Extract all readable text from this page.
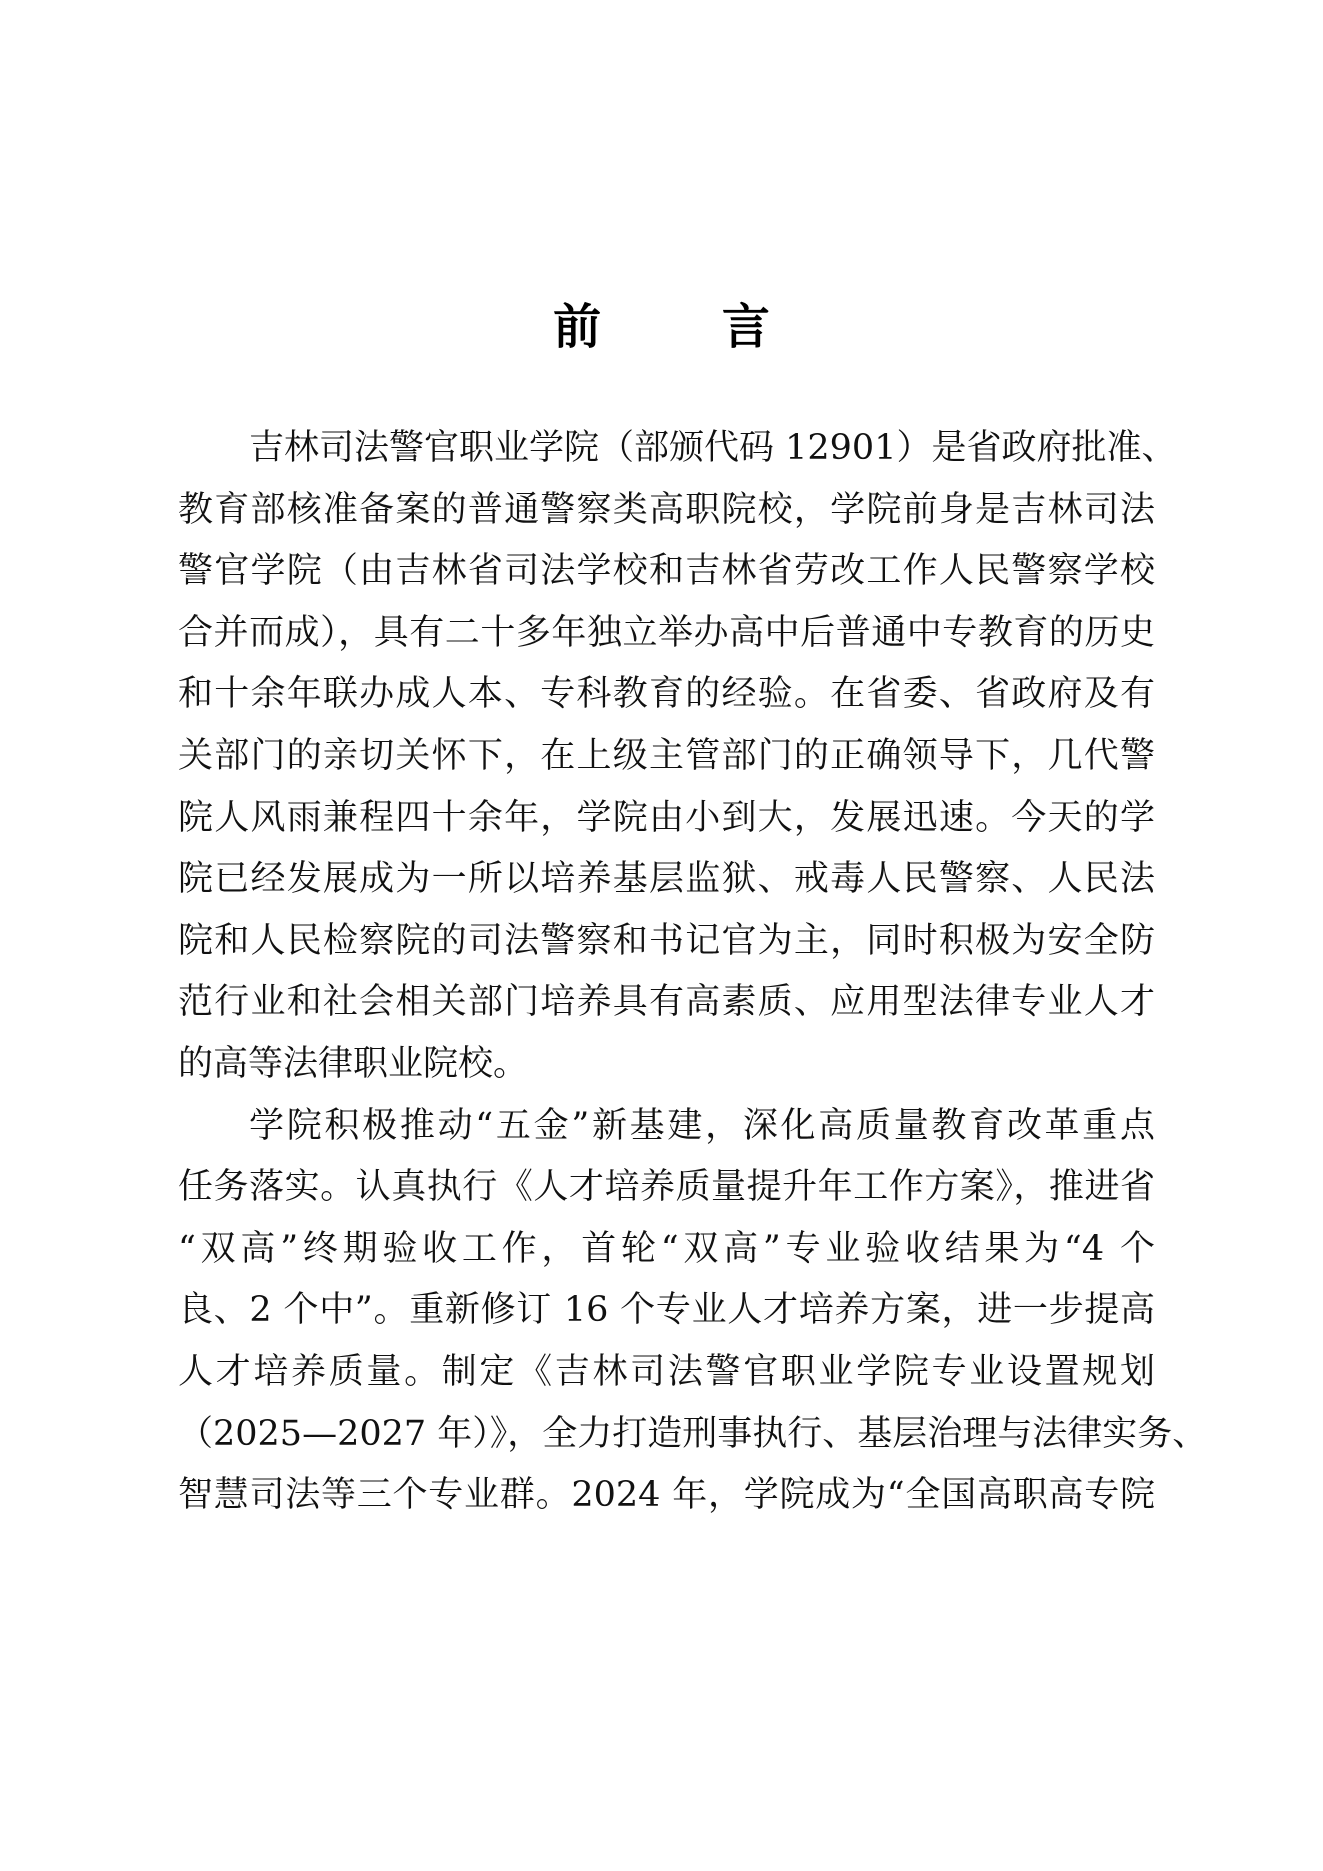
前 言
吉林司法警官职业学院（部颁代码 12901）是省政府批准、
教育部核准备案的普通警察类高职院校，学院前身是吉林司法
警官学院（由吉林省司法学校和吉林省劳改工作人民警察学校
合并而成），具有二十多年独立举办高中后普通中专教育的历史
和十余年联办成人本、专科教育的经验。在省委、省政府及有
关部门的亲切关怀下，在上级主管部门的正确领导下，几代警
院人风雨兼程四十余年，学院由小到大，发展迅速。今天的学
院已经发展成为一所以培养基层监狱、戒毒人民警察、人民法
院和人民检察院的司法警察和书记官为主，同时积极为安全防
范行业和社会相关部门培养具有高素质、应用型法律专业人才
的高等法律职业院校。
学院积极推动“五金”新基建，深化高质量教育改革重点
任务落实。认真执行《人才培养质量提升年工作方案》，推进省
“双高”终期验收工作，首轮“双高”专业验收结果为“4 个
良、2 个中”。重新修订 16 个专业人才培养方案，进一步提高
人才培养质量。制定《吉林司法警官职业学院专业设置规划
（2025—2027 年）》，全力打造刑事执行、基层治理与法律实务、
智慧司法等三个专业群。2024 年，学院成为“全国高职高专院
